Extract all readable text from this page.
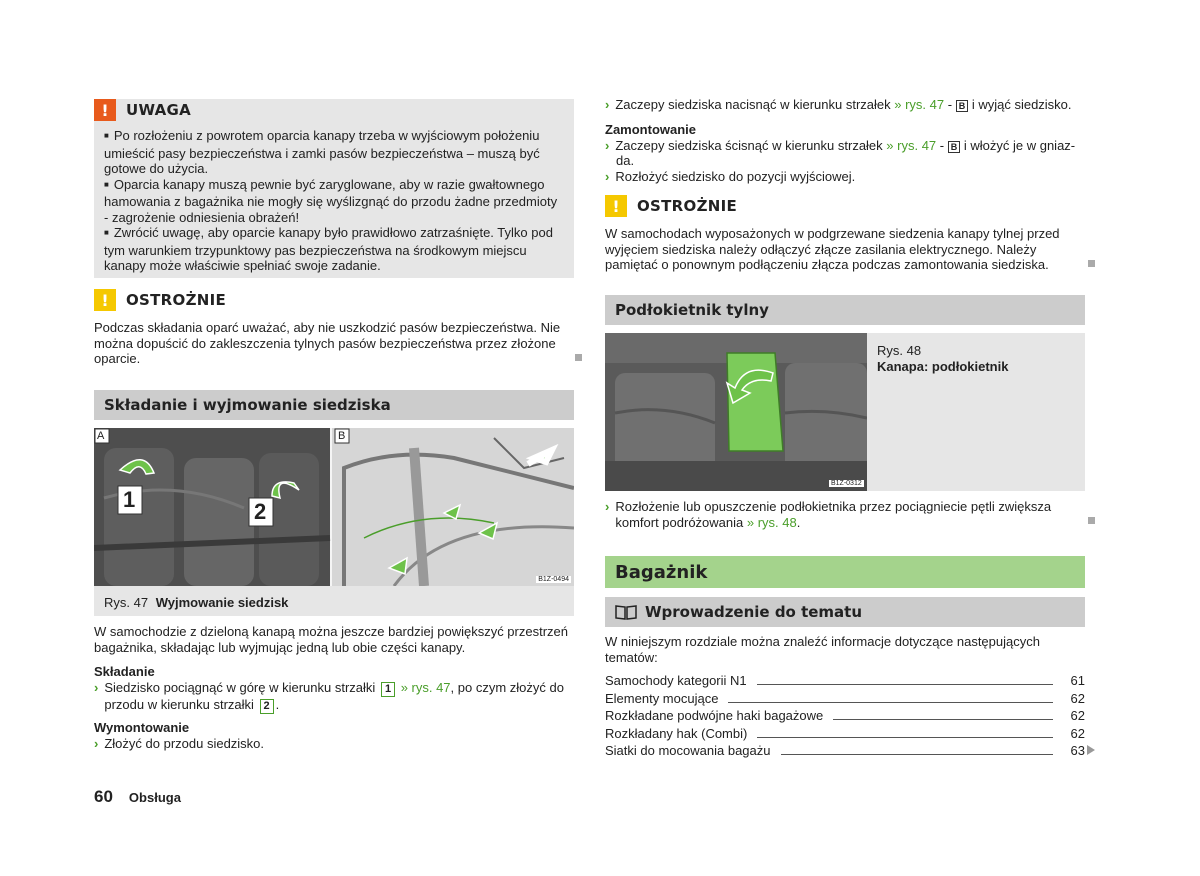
!	UWAGA
■ Po rozłożeniu z powrotem oparcia kanapy trzeba w wyjściowym położeniu umieścić pasy bezpieczeństwa i zamki pasów bezpieczeństwa – muszą być gotowe do użycia.
■ Oparcia kanapy muszą pewnie być zaryglowane, aby w razie gwałtownego hamowania z bagażnika nie mogły się wyślizgnąć do przodu żadne przedmioty - zagrożenie odniesienia obrażeń!
■ Zwrócić uwagę, aby oparcie kanapy było prawidłowo zatrzaśnięte. Tylko pod tym warunkiem trzypunktowy pas bezpieczeństwa na środkowym miejscu kanapy może właściwie spełniać swoje zadanie.
!	OSTROŻNIE
Podczas składania oparć uważać, aby nie uszkodzić pasów bezpieczeństwa. Nie można dopuścić do zakleszczenia tylnych pasów bezpieczeństwa przez złożone oparcie.
Składanie i wyjmowanie siedziska
A	B
1	2
B1Z-0494
Rys. 47 Wyjmowanie siedzisk
W samochodzie z dzieloną kanapą można jeszcze bardziej powiększyć przestrzeń bagażnika, składając lub wyjmując jedną lub obie części kanapy.
Składanie
› Siedzisko pociągnąć w górę w kierunku strzałki 1 » rys. 47, po czym złożyć do przodu w kierunku strzałki 2 .
Wymontowanie
› Złożyć do przodu siedzisko.
60 Obsługa
› Zaczepy siedziska nacisnąć w kierunku strzałek » rys. 47 - B i wyjąć siedzisko.
Zamontowanie
› Zaczepy siedziska ścisnąć w kierunku strzałek » rys. 47 - B i włożyć je w gniaz-
da.
› Rozłożyć siedzisko do pozycji wyjściowej.
!	OSTROŻNIE
W samochodach wyposażonych w podgrzewane siedzenia kanapy tylnej przed wyjęciem siedziska należy odłączyć złącze zasilania elektrycznego. Należy pamiętać o ponownym podłączeniu złącza podczas zamontowania siedziska.
Podłokietnik tylny
B1Z-0312
Rys. 48
Kanapa: podłokietnik
› Rozłożenie lub opuszczenie podłokietnika przez pociągniecie pętli zwiększa komfort podróżowania » rys. 48.
Bagażnik
Wprowadzenie do tematu
W niniejszym rozdziale można znaleźć informacje dotyczące następujących tematów:
Samochody kategorii N1	61
Elementy mocujące	62
Rozkładane podwójne haki bagażowe	62
Rozkładany hak (Combi)	62
Siatki do mocowania bagażu	63
